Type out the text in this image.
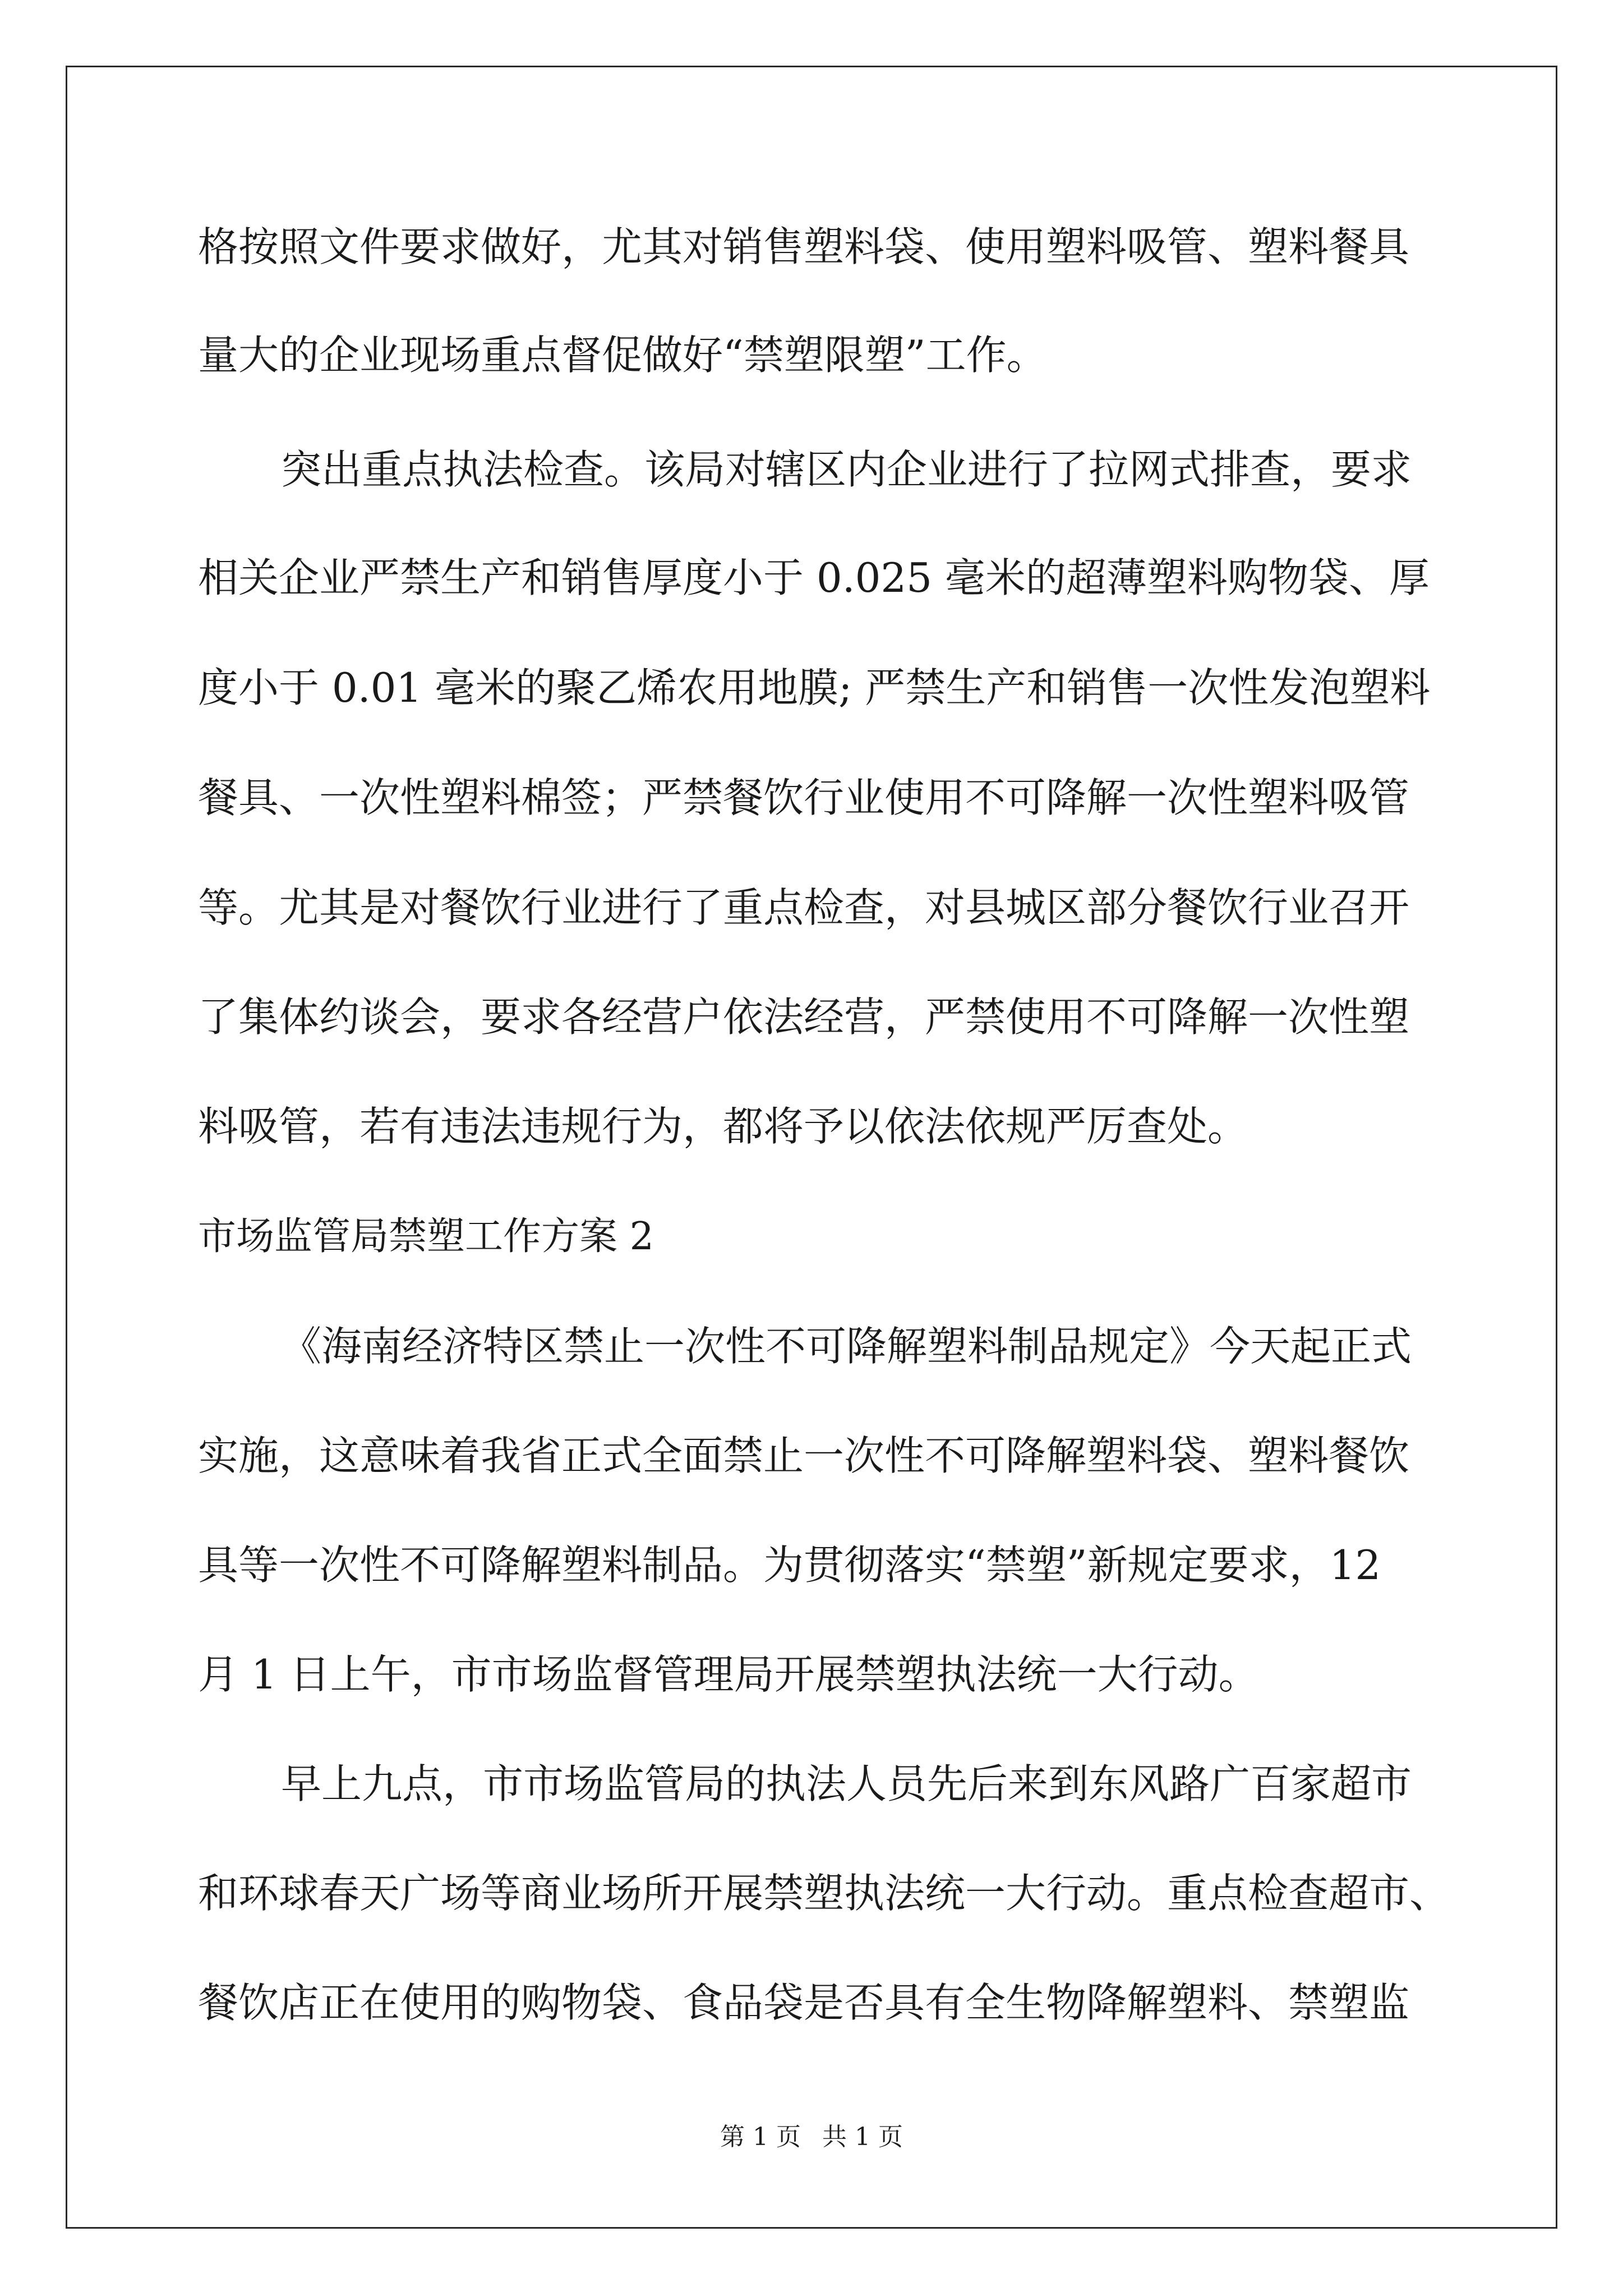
格按照文件要求做好，尤其对销售塑料袋、使用塑料吸管、塑料餐具
量大的企业现场重点督促做好“禁塑限塑”工作。
突出重点执法检查。该局对辖区内企业进行了拉网式排查，要求
相关企业严禁生产和销售厚度小于 0.025 毫米的超薄塑料购物袋、厚
度小于 0.01 毫米的聚乙烯农用地膜; 严禁生产和销售一次性发泡塑料
餐具、一次性塑料棉签；严禁餐饮行业使用不可降解一次性塑料吸管
等。尤其是对餐饮行业进行了重点检查，对县城区部分餐饮行业召开
了集体约谈会，要求各经营户依法经营，严禁使用不可降解一次性塑
料吸管，若有违法违规行为，都将予以依法依规严厉查处。
市场监管局禁塑工作方案 2
《海南经济特区禁止一次性不可降解塑料制品规定》今天起正式
实施，这意味着我省正式全面禁止一次性不可降解塑料袋、塑料餐饮
具等一次性不可降解塑料制品。为贯彻落实“禁塑”新规定要求，12
月 1 日上午，市市场监督管理局开展禁塑执法统一大行动。
早上九点，市市场监管局的执法人员先后来到东风路广百家超市
和环球春天广场等商业场所开展禁塑执法统一大行动。重点检查超市、
餐饮店正在使用的购物袋、食品袋是否具有全生物降解塑料、禁塑监
第 1 页 共 1 页
